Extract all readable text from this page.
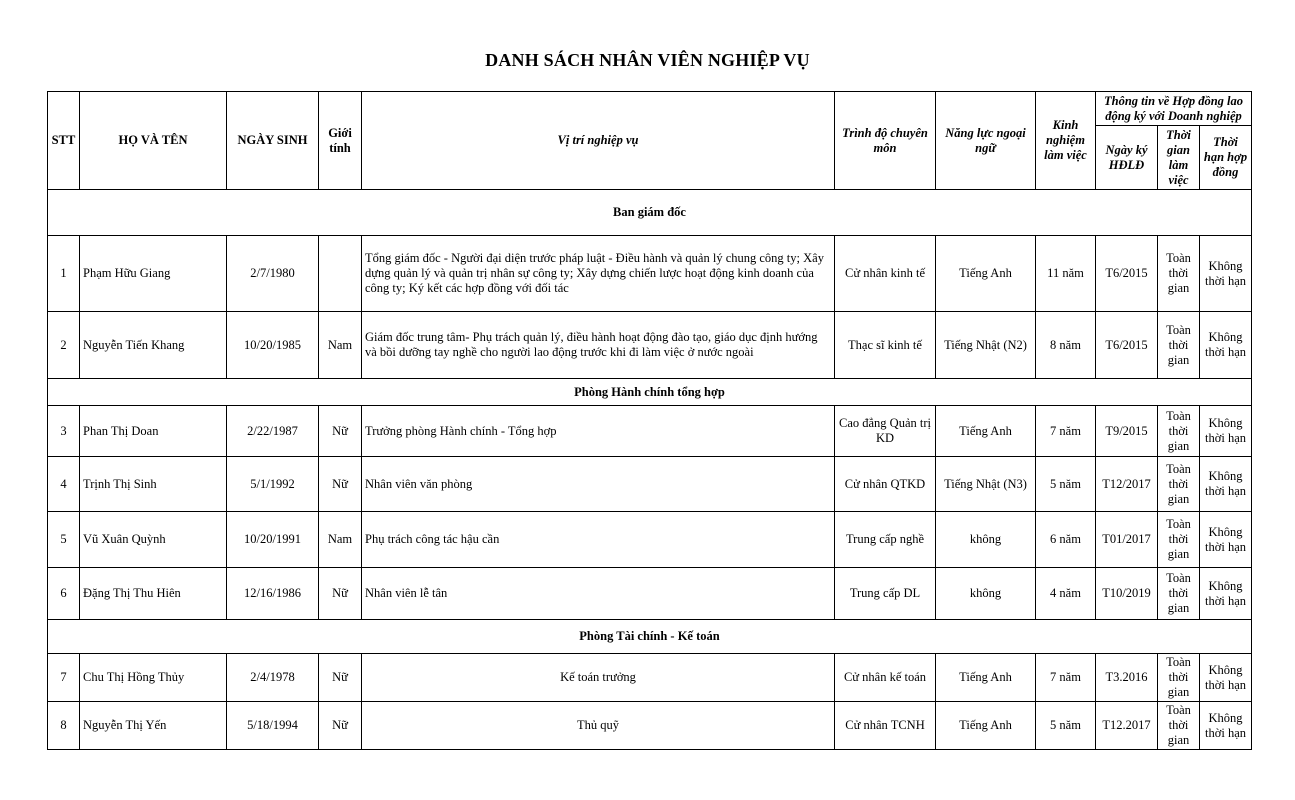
DANH SÁCH NHÂN VIÊN NGHIỆP VỤ
STT	HỌ VÀ TÊN	NGÀY SINH	Giới tính	Vị trí nghiệp vụ	Trình độ chuyên môn	Năng lực ngoại ngữ	Kinh nghiệm làm việc	Thông tin về Hợp đồng lao động ký với Doanh nghiệp		
								Ngày ký HĐLĐ	Thời gian làm việc	Thời hạn hợp đồng
Ban giám đốc										
1	Phạm Hữu Giang	2/7/1980		Tổng giám đốc - Người đại diện trước pháp luật - Điều hành và quản lý chung công ty; Xây dựng quản lý và quản trị nhân sự công ty; Xây dựng chiến lược hoạt động kinh doanh của công ty; Ký kết các hợp đồng với đối tác	Cử nhân kinh tế	Tiếng Anh	11 năm	T6/2015	Toàn thời gian	Không thời hạn
2	Nguyễn Tiến Khang	10/20/1985	Nam	Giám đốc trung tâm- Phụ trách quản lý, điều hành hoạt động đào tạo, giáo dục định hướng và bồi dưỡng tay nghề cho người lao động trước khi đi làm việc ở nước ngoài	Thạc sĩ kinh tế	Tiếng Nhật (N2)	8 năm	T6/2015	Toàn thời gian	Không thời hạn
Phòng Hành chính tổng hợp										
3	Phan Thị Doan	2/22/1987	Nữ	Trưởng phòng Hành chính - Tổng hợp	Cao đẳng Quản trị KD	Tiếng Anh	7 năm	T9/2015	Toàn thời gian	Không thời hạn
4	Trịnh Thị Sinh	5/1/1992	Nữ	Nhân viên văn phòng	Cử nhân QTKD	Tiếng Nhật (N3)	5 năm	T12/2017	Toàn thời gian	Không thời hạn
5	Vũ Xuân Quỳnh	10/20/1991	Nam	Phụ trách công tác hậu cần	Trung cấp nghề	không	6 năm	T01/2017	Toàn thời gian	Không thời hạn
6	Đặng Thị Thu Hiên	12/16/1986	Nữ	Nhân viên lễ tân	Trung cấp DL	không	4 năm	T10/2019	Toàn thời gian	Không thời hạn
Phòng Tài chính - Kế toán										
7	Chu Thị Hồng Thủy	2/4/1978	Nữ	Kế toán trưởng	Cử nhân kế toán	Tiếng Anh	7 năm	T3.2016	Toàn thời gian	Không thời hạn
8	Nguyễn Thị Yến	5/18/1994	Nữ	Thủ quỹ	Cử nhân TCNH	Tiếng Anh	5 năm	T12.2017	Toàn thời gian	Không thời hạn
